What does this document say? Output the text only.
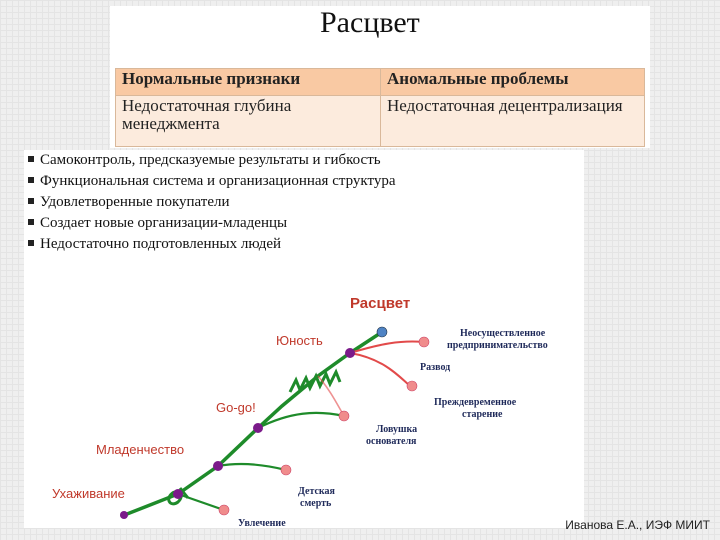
Расцвет
Нормальные признаки	Аномальные проблемы
Недостаточная глубина менеджмента	Недостаточная децентрализация
Самоконтроль, предсказуемые результаты и гибкость
Функциональная система и организационная структура
Удовлетворенные покупатели
Создает новые организации-младенцы
Недостаточно подготовленных людей
Расцвет
Юность
Go-go!
Младенчество
Ухаживание
Неосуществленное
предпринимательство
Развод
Преждевременное
старение
Ловушка
основателя
Детская
смерть
Увлечение	Иванова Е.А., ИЭФ МИИТ
